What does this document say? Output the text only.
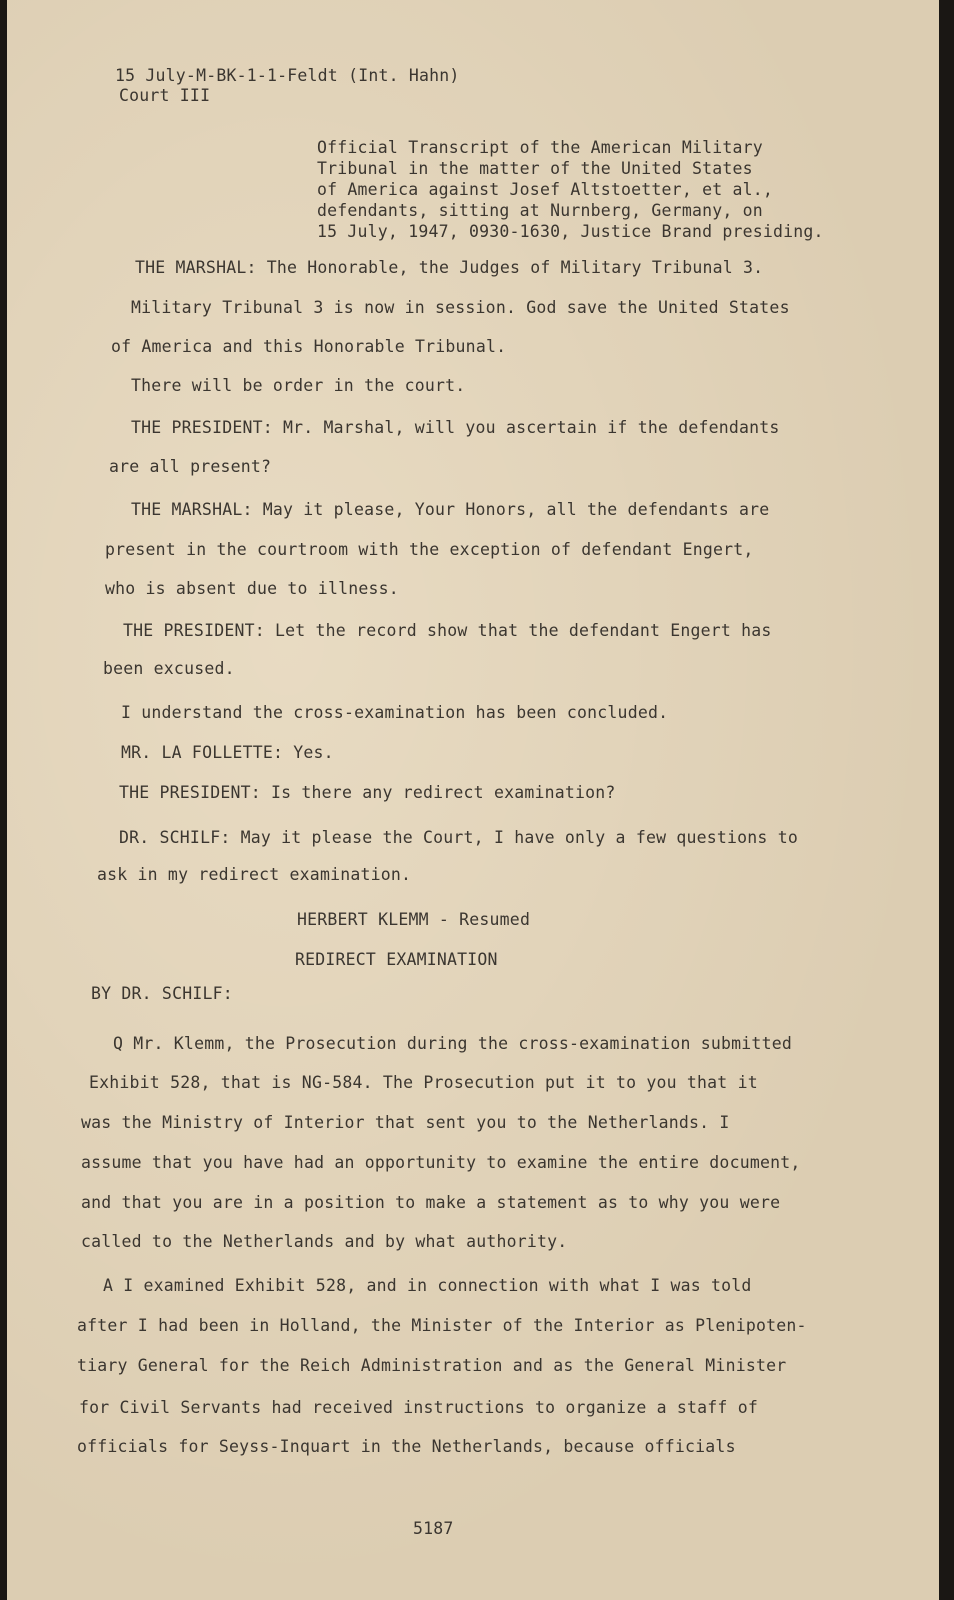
15 July-M-BK-1-1-Feldt (Int. Hahn)
Court III
Official Transcript of the American Military
Tribunal in the matter of the United States
of America against Josef Altstoetter, et al.,
defendants, sitting at Nurnberg, Germany, on
15 July, 1947, 0930-1630, Justice Brand presiding.
THE MARSHAL: The Honorable, the Judges of Military Tribunal 3.
Military Tribunal 3 is now in session. God save the United States
of America and this Honorable Tribunal.
There will be order in the court.
THE PRESIDENT: Mr. Marshal, will you ascertain if the defendants
are all present?
THE MARSHAL: May it please, Your Honors, all the defendants are
present in the courtroom with the exception of defendant Engert,
who is absent due to illness.
THE PRESIDENT: Let the record show that the defendant Engert has
been excused.
I understand the cross-examination has been concluded.
MR. LA FOLLETTE: Yes.
THE PRESIDENT: Is there any redirect examination?
DR. SCHILF: May it please the Court, I have only a few questions to
ask in my redirect examination.
HERBERT KLEMM - Resumed
REDIRECT EXAMINATION
BY DR. SCHILF:
Q Mr. Klemm, the Prosecution during the cross-examination submitted
Exhibit 528, that is NG-584. The Prosecution put it to you that it
was the Ministry of Interior that sent you to the Netherlands. I
assume that you have had an opportunity to examine the entire document,
and that you are in a position to make a statement as to why you were
called to the Netherlands and by what authority.
A I examined Exhibit 528, and in connection with what I was told
after I had been in Holland, the Minister of the Interior as Plenipoten-
tiary General for the Reich Administration and as the General Minister
for Civil Servants had received instructions to organize a staff of
officials for Seyss-Inquart in the Netherlands, because officials
5187
